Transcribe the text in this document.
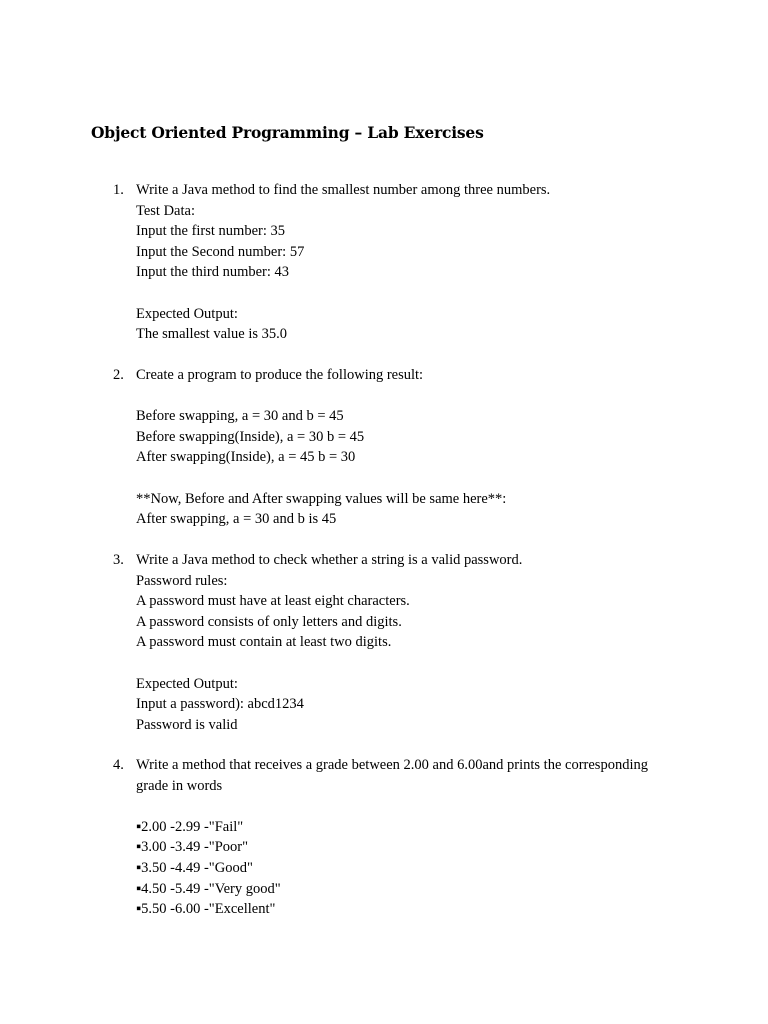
Object Oriented Programming – Lab Exercises
1. Write a Java method to find the smallest number among three numbers.
Test Data:
Input the first number: 35
Input the Second number: 57
Input the third number: 43
Expected Output:
The smallest value is 35.0
2. Create a program to produce the following result:
Before swapping, a = 30 and b = 45
Before swapping(Inside), a = 30 b = 45
After swapping(Inside), a = 45 b = 30
**Now, Before and After swapping values will be same here**:
After swapping, a = 30 and b is 45
3. Write a Java method to check whether a string is a valid password.
Password rules:
A password must have at least eight characters.
A password consists of only letters and digits.
A password must contain at least two digits.
Expected Output:
Input a password): abcd1234
Password is valid
4. Write a method that receives a grade between 2.00 and 6.00and prints the corresponding
grade in words
▪2.00 -2.99 -"Fail"
▪3.00 -3.49 -"Poor"
▪3.50 -4.49 -"Good"
▪4.50 -5.49 -"Very good"
▪5.50 -6.00 -"Excellent"
